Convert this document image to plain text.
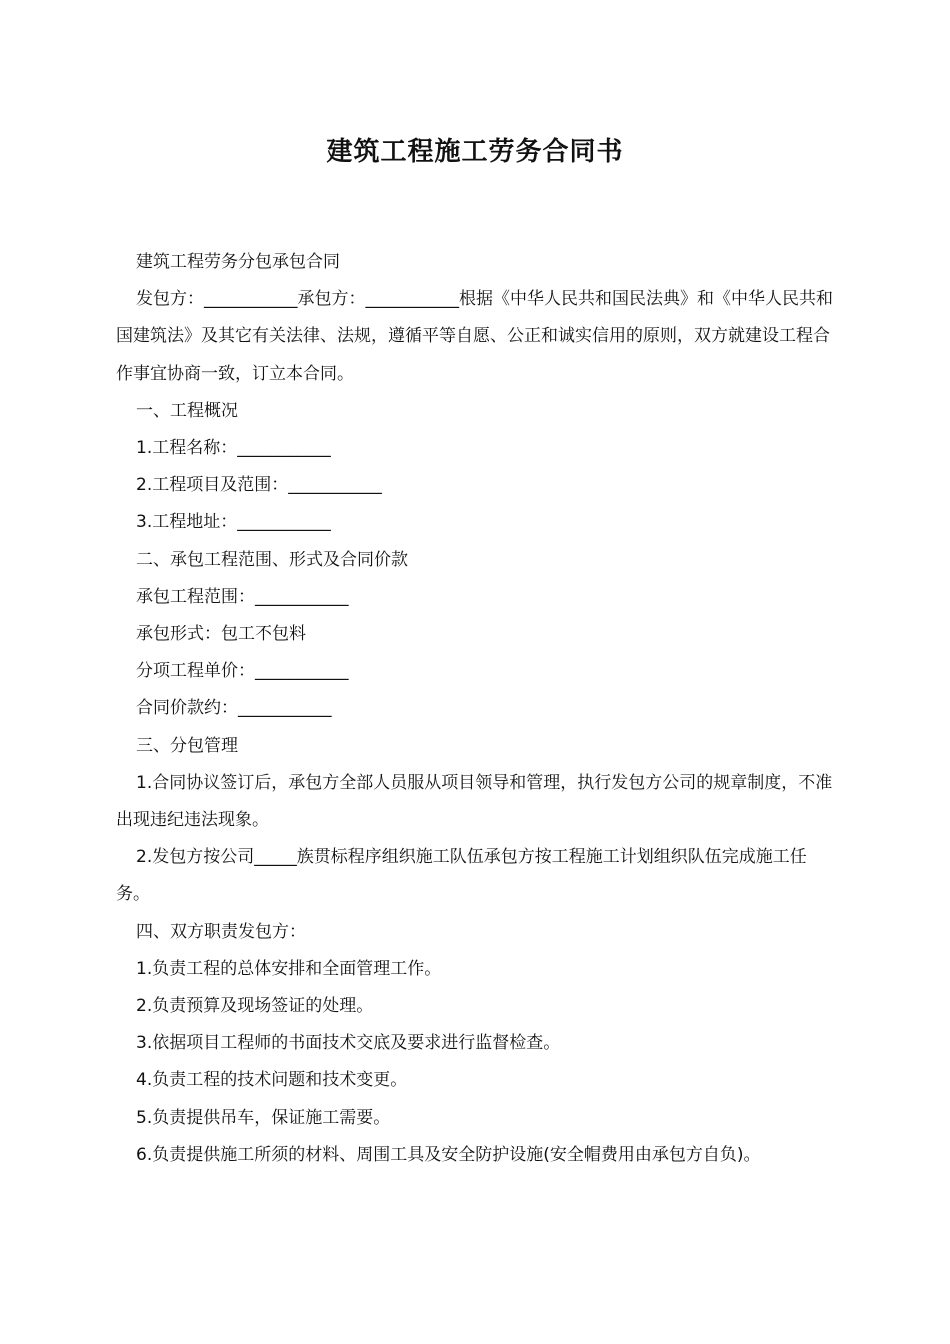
建筑工程施工劳务合同书

建筑工程劳务分包承包合同

发包方：___________承包方：___________根据《中华人民共和国民法典》和《中华人民共和国建筑法》及其它有关法律、法规，遵循平等自愿、公正和诚实信用的原则，双方就建设工程合作事宜协商一致，订立本合同。

一、工程概况

1.工程名称：___________

2.工程项目及范围：___________

3.工程地址：___________

二、承包工程范围、形式及合同价款

承包工程范围：___________

承包形式：包工不包料

分项工程单价：___________

合同价款约：___________

三、分包管理

1.合同协议签订后，承包方全部人员服从项目领导和管理，执行发包方公司的规章制度，不准出现违纪违法现象。

2.发包方按公司_____族贯标程序组织施工队伍承包方按工程施工计划组织队伍完成施工任务。

四、双方职责发包方：

1.负责工程的总体安排和全面管理工作。

2.负责预算及现场签证的处理。

3.依据项目工程师的书面技术交底及要求进行监督检查。

4.负责工程的技术问题和技术变更。

5.负责提供吊车，保证施工需要。

6.负责提供施工所须的材料、周围工具及安全防护设施(安全帽费用由承包方自负)。
